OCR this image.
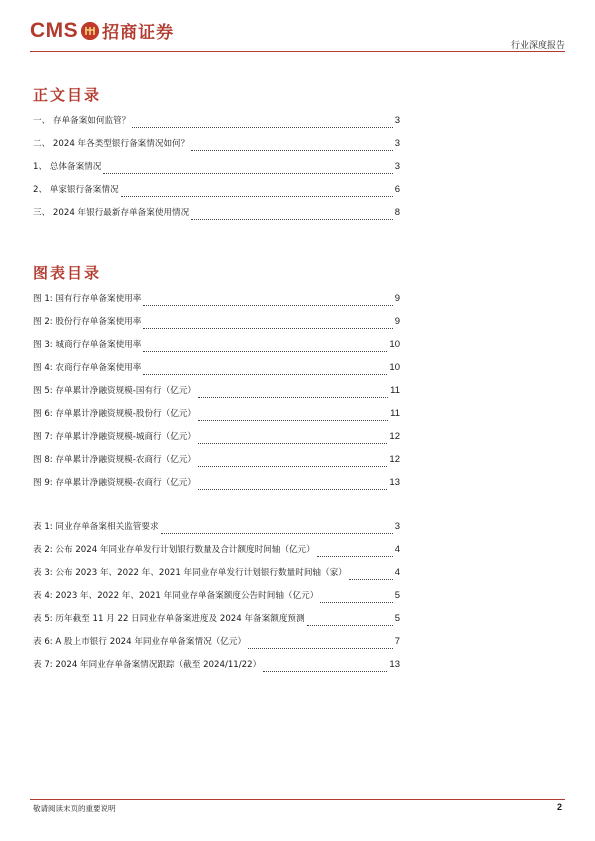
CMS 招商证券
行业深度报告
正文目录
一、 存单备案如何监管？	3
二、 2024 年各类型银行备案情况如何？	3
1、 总体备案情况	3
2、 单家银行备案情况	6
三、 2024 年银行最新存单备案使用情况	8
图表目录
图 1: 国有行存单备案使用率	9
图 2: 股份行存单备案使用率	9
图 3: 城商行存单备案使用率	10
图 4: 农商行存单备案使用率	10
图 5: 存单累计净融资规模-国有行（亿元）	11
图 6: 存单累计净融资规模-股份行（亿元）	11
图 7: 存单累计净融资规模-城商行（亿元）	12
图 8: 存单累计净融资规模-农商行（亿元）	12
图 9: 存单累计净融资规模-农商行（亿元）	13
表 1: 同业存单备案相关监管要求	3
表 2: 公布 2024 年同业存单发行计划银行数量及合计额度时间轴（亿元）	4
表 3: 公布 2023 年、2022 年、2021 年同业存单发行计划银行数量时间轴（家）	4
表 4: 2023 年、2022 年、2021 年同业存单备案额度公告时间轴（亿元）	5
表 5: 历年截至 11 月 22 日同业存单备案进度及 2024 年备案额度预测	5
表 6: A 股上市银行 2024 年同业存单备案情况（亿元）	7
表 7: 2024 年同业存单备案情况跟踪（截至 2024/11/22）	13
敬请阅读末页的重要说明	2
